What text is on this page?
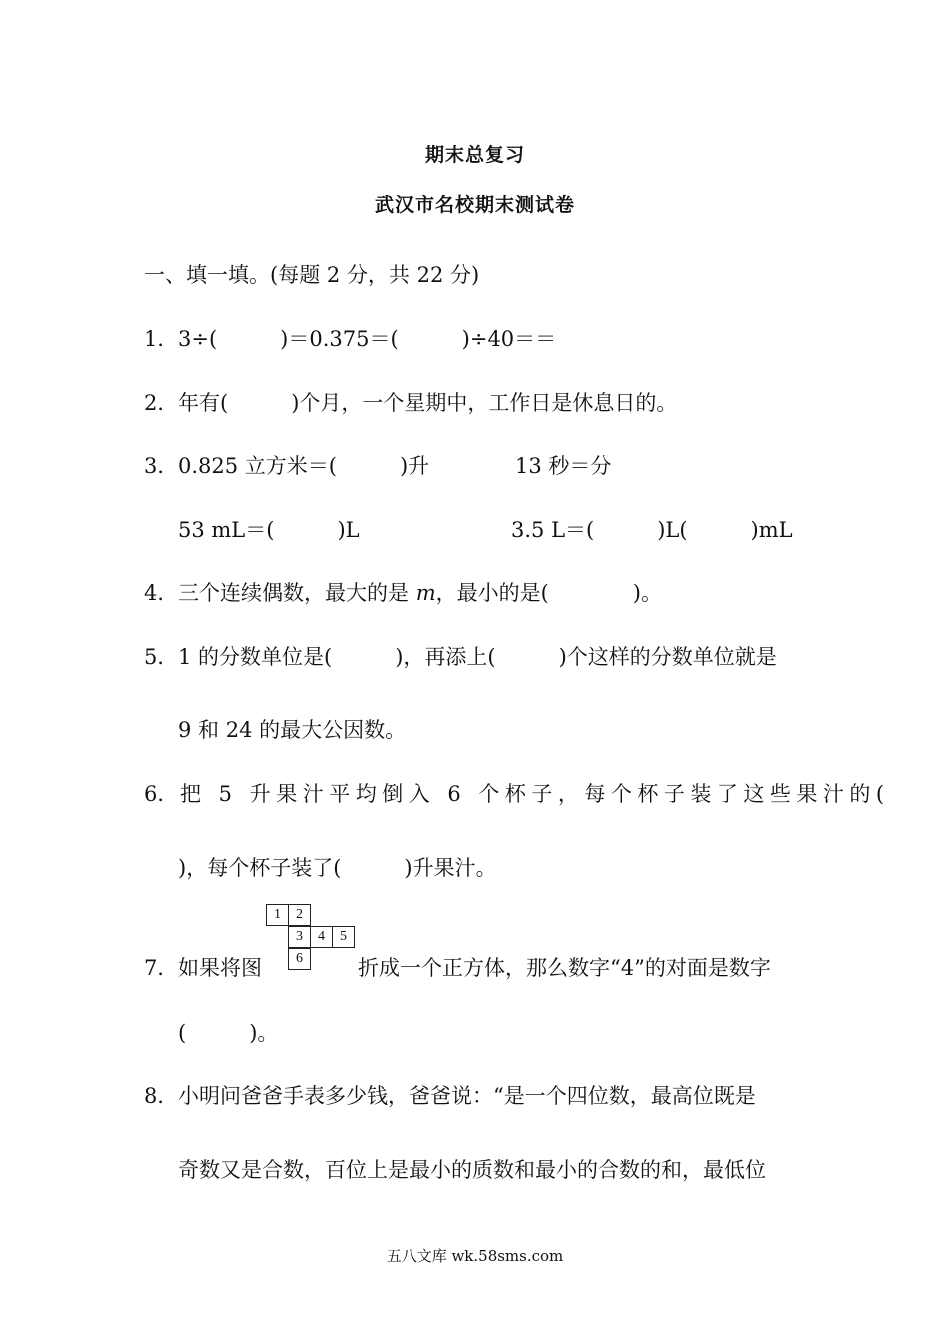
期末总复习
武汉市名校期末测试卷
一、填一填。(每题 2 分，共 22 分)
1． 3÷(　　　)＝0.375＝(　　　)÷40＝＝
2． 年有(　　　)个月，一个星期中，工作日是休息日的。
3． 0.825 立方米＝(　　　)升	13 秒＝分
53 mL＝(　　　)L	3.5 L＝(　　　)L(　　　)mL
4． 三个连续偶数，最大的是 m，最小的是(　　　　)。
5． 1 的分数单位是(　　　)，再添上(　　　)个这样的分数单位就是
9 和 24 的最大公因数。
6． 把 5 升果汁平均倒入 6 个杯子，每个杯子装了这些果汁的(
)，每个杯子装了(　　　)升果汁。
7． 如果将图
1	2
3	4	5
6	折成一个正方体，那么数字“4”的对面是数字
(　　　)。
8． 小明问爸爸手表多少钱，爸爸说：“是一个四位数，最高位既是
奇数又是合数，百位上是最小的质数和最小的合数的和，最低位
五八文库 wk.58sms.com
